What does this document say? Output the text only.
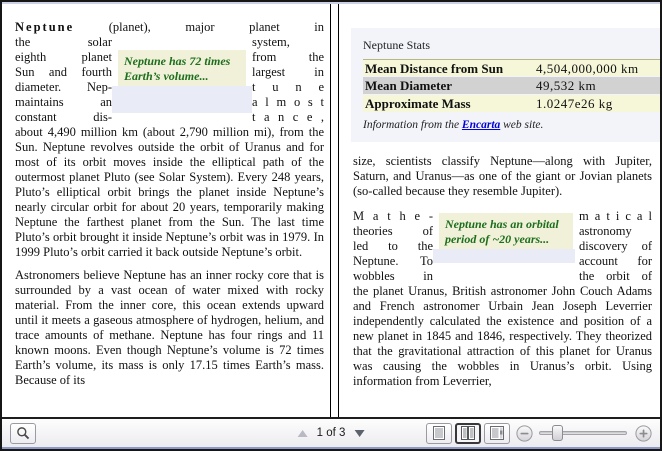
Neptune	(planet), major planet in
the solar
eighth planet
Sun and fourth
diameter. Nep-
maintains an
constant dis-
Neptune has 72 times Earth’s volume...
system,
from the
largest in
t u n e
a l m o s t
t a n c e ,
about 4,490 million km (about 2,790 million mi), from the Sun. Neptune revolves outside the orbit of Uranus and for most of its orbit moves inside the elliptical path of the outermost planet Pluto (see Solar System). Every 248 years, Pluto’s elliptical orbit brings the planet inside Neptune’s nearly circular orbit for about 20 years, temporarily making Neptune the farthest planet from the Sun. The last time Pluto’s orbit brought it inside Neptune’s orbit was in 1979. In 1999 Pluto’s orbit carried it back outside Neptune’s orbit.
Astronomers believe Neptune has an inner rocky core that is surrounded by a vast ocean of water mixed with rocky material. From the inner core, this ocean extends upward until it meets a gaseous atmosphere of hydrogen, helium, and trace amounts of methane. Neptune has four rings and 11 known moons. Even though Neptune’s volume is 72 times Earth’s volume, its mass is only 17.15 times Earth’s mass. Because of its
Neptune Stats
Mean Distance from Sun	4,504,000,000 km
Mean Diameter	49,532 km
Approximate Mass	1.0247e26 kg
Information from the Encarta web site.
size, scientists classify Neptune—along with Jupiter, Saturn, and Uranus—as one of the giant or Jovian planets (so-called because they resemble Jupiter).
M a t h e -
theories of
led to the
Neptune. To
wobbles in
Neptune has an orbital period of ~20 years...
m a t i c a l
astronomy
discovery of
account for
the orbit of
the planet Uranus, British astronomer John Couch Adams and French astronomer Urbain Jean Joseph Leverrier independently calculated the existence and position of a new planet in 1845 and 1846, respectively. They theorized that the gravitational attraction of this planet for Uranus was causing the wobbles in Uranus’s orbit. Using information from Leverrier,
1 of 3
